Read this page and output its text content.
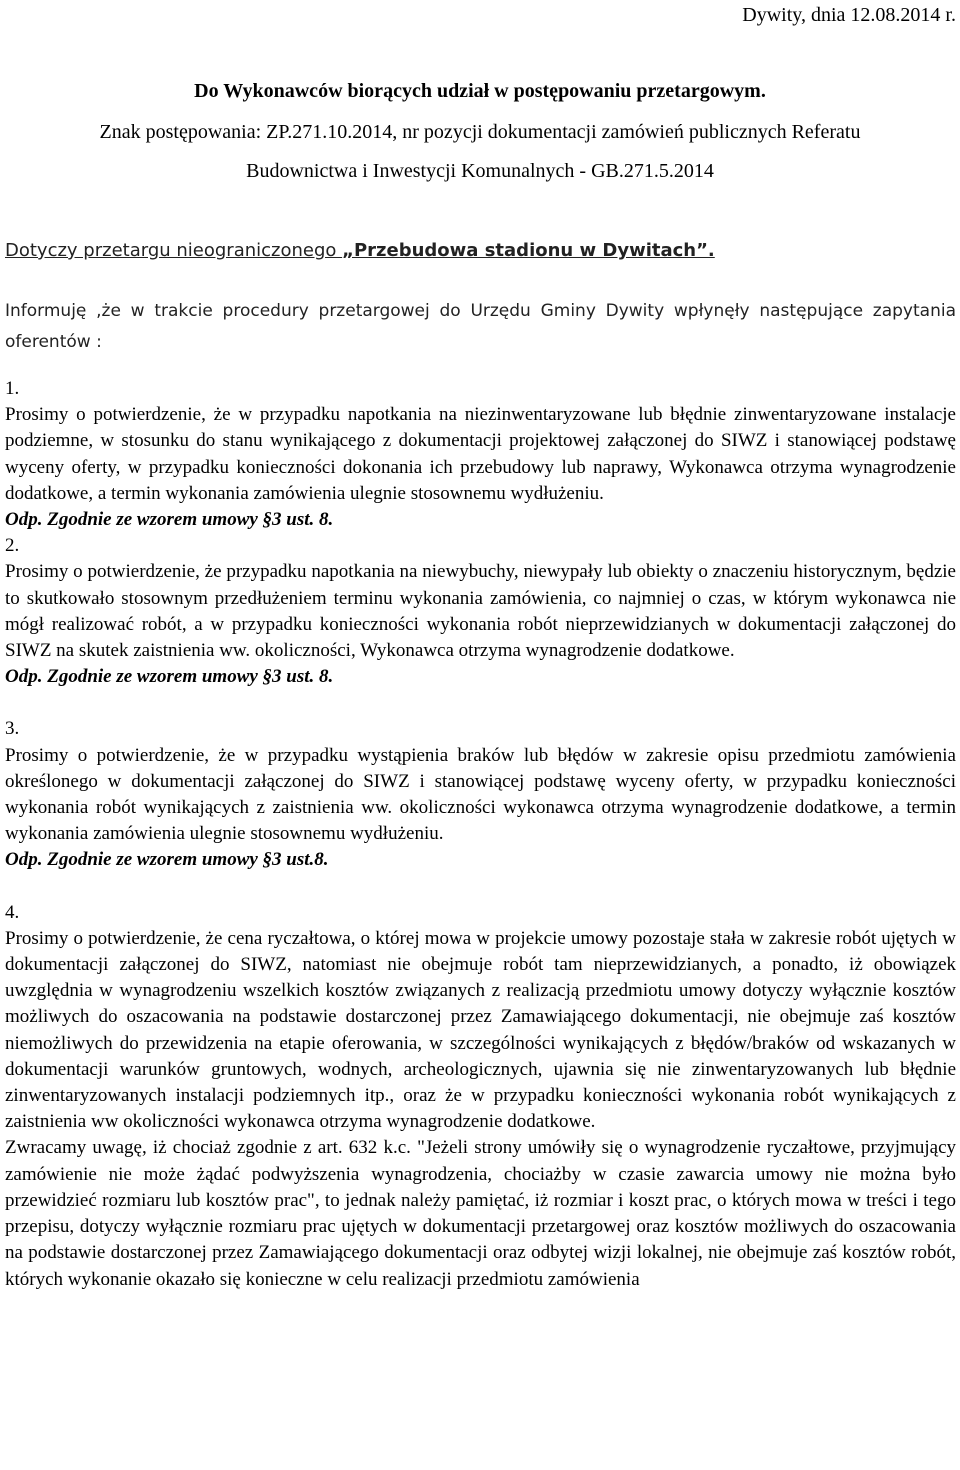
Dywity, dnia 12.08.2014 r.
Do Wykonawców biorących udział w postępowaniu przetargowym.
Znak postępowania: ZP.271.10.2014, nr pozycji dokumentacji zamówień publicznych Referatu
Budownictwa i Inwestycji Komunalnych - GB.271.5.2014
Dotyczy przetargu nieograniczonego „Przebudowa stadionu w Dywitach”.
Informuję ,że w trakcie procedury przetargowej do Urzędu Gminy Dywity wpłynęły następujące zapytania oferentów :

1.

Prosimy o potwierdzenie, że w przypadku napotkania na niezinwentaryzowane lub błędnie zinwentaryzowane instalacje podziemne, w stosunku do stanu wynikającego z dokumentacji projektowej załączonej do SIWZ i stanowiącej podstawę wyceny oferty, w przypadku konieczności dokonania ich przebudowy lub naprawy, Wykonawca otrzyma wynagrodzenie dodatkowe, a termin wykonania zamówienia ulegnie stosownemu wydłużeniu.

Odp. Zgodnie ze wzorem umowy §3 ust. 8.

2.

Prosimy o potwierdzenie, że przypadku napotkania na niewybuchy, niewypały lub obiekty o znaczeniu historycznym, będzie to skutkowało stosownym przedłużeniem terminu wykonania zamówienia, co najmniej o czas, w którym wykonawca nie mógł realizować robót, a w przypadku konieczności wykonania robót nieprzewidzianych w dokumentacji załączonej do SIWZ na skutek zaistnienia ww. okoliczności, Wykonawca otrzyma wynagrodzenie dodatkowe.

Odp. Zgodnie ze wzorem umowy §3 ust. 8.

3.

Prosimy o potwierdzenie, że w przypadku wystąpienia braków lub błędów w zakresie opisu przedmiotu zamówienia określonego w dokumentacji załączonej do SIWZ i stanowiącej podstawę wyceny oferty, w przypadku konieczności wykonania robót wynikających z zaistnienia ww. okoliczności wykonawca otrzyma wynagrodzenie dodatkowe, a termin wykonania zamówienia ulegnie stosownemu wydłużeniu.

Odp. Zgodnie ze wzorem umowy §3 ust.8.

4.

Prosimy o potwierdzenie, że cena ryczałtowa, o której mowa w projekcie umowy pozostaje stała w zakresie robót ujętych w dokumentacji załączonej do SIWZ, natomiast nie obejmuje robót tam nieprzewidzianych, a ponadto, iż obowiązek uwzględnia w wynagrodzeniu wszelkich kosztów związanych z realizacją przedmiotu umowy dotyczy wyłącznie kosztów możliwych do oszacowania na podstawie dostarczonej przez Zamawiającego dokumentacji, nie obejmuje zaś kosztów niemożliwych do przewidzenia na etapie oferowania, w szczególności wynikających z błędów/braków od wskazanych w dokumentacji warunków gruntowych, wodnych, archeologicznych, ujawnia się nie zinwentaryzowanych lub błędnie zinwentaryzowanych instalacji podziemnych itp., oraz że w przypadku konieczności wykonania robót wynikających z zaistnienia ww okoliczności wykonawca otrzyma wynagrodzenie dodatkowe.

Zwracamy uwagę, iż chociaż zgodnie z art. 632 k.c. "Jeżeli strony umówiły się o wynagrodzenie ryczałtowe, przyjmujący zamówienie nie może żądać podwyższenia wynagrodzenia, chociażby w czasie zawarcia umowy nie można było przewidzieć rozmiaru lub kosztów prac", to jednak należy pamiętać, iż rozmiar i koszt prac, o których mowa w treści i tego przepisu, dotyczy wyłącznie rozmiaru prac ujętych w dokumentacji przetargowej oraz kosztów możliwych do oszacowania na podstawie dostarczonej przez Zamawiającego dokumentacji oraz odbytej wizji lokalnej, nie obejmuje zaś kosztów robót, których wykonanie okazało się konieczne w celu realizacji przedmiotu zamówienia
